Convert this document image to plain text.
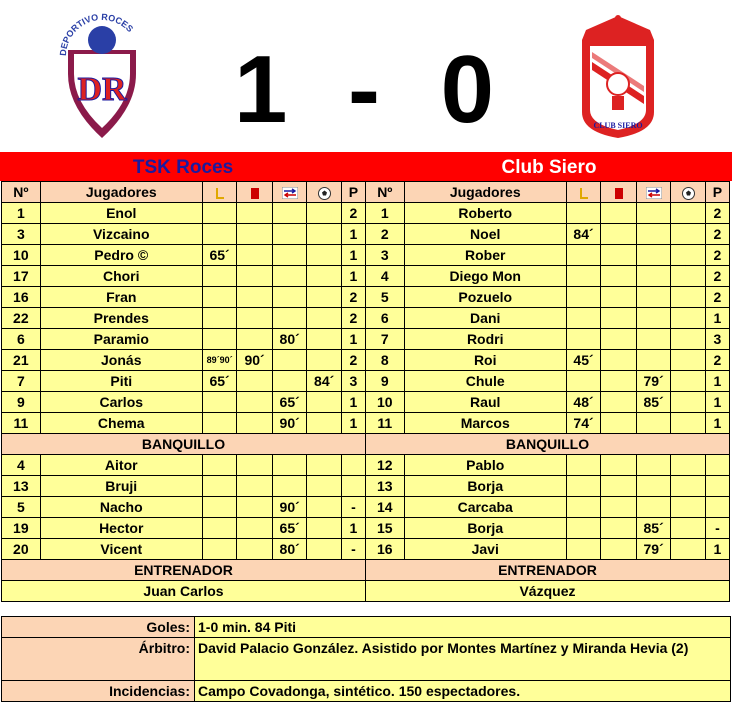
DR
DEPORTIVO ROCES
1 - 0	CLUB SIERO
TSK Roces	Club Siero
Nº	Jugadores					P	Nº	Jugadores					P
1	Enol					2	1	Roberto					2
3	Vizcaino					1	2	Noel	84´				2
10	Pedro ©	65´				1	3	Rober					2
17	Chori					1	4	Diego Mon					2
16	Fran					2	5	Pozuelo					2
22	Prendes					2	6	Dani					1
6	Paramio			80´		1	7	Rodri					3
21	Jonás	89´90´	90´			2	8	Roi	45´				2
7	Piti	65´			84´	3	9	Chule			79´		1
9	Carlos			65´		1	10	Raul	48´		85´		1
11	Chema			90´		1	11	Marcos	74´				1
BANQUILLO							BANQUILLO						
4	Aitor						12	Pablo					
13	Bruji						13	Borja					
5	Nacho			90´		-	14	Carcaba					
19	Hector			65´		1	15	Borja			85´		-
20	Vicent			80´		-	16	Javi			79´		1
ENTRENADOR							ENTRENADOR						
Juan Carlos							Vázquez						
Goles:	1-0 min. 84 Piti
Árbitro:	David Palacio González. Asistido por Montes Martínez y Miranda Hevia (2)
Incidencias:	Campo Covadonga, sintético. 150 espectadores.
